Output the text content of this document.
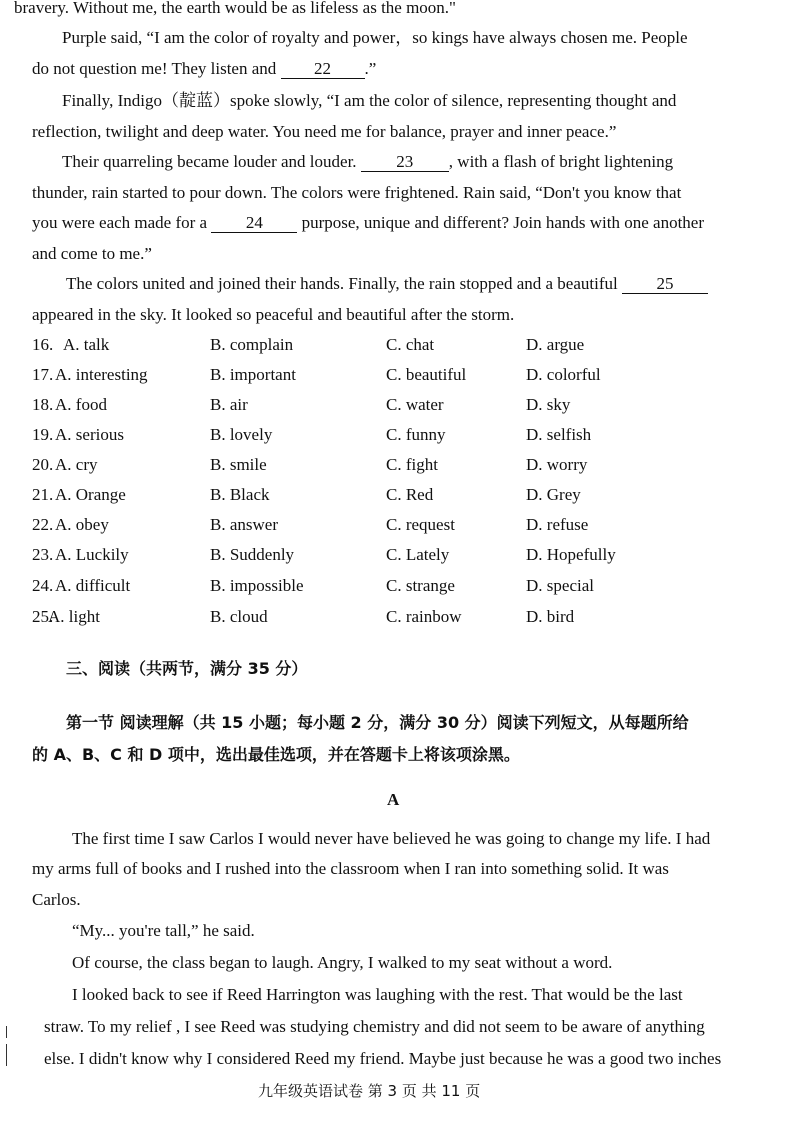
bravery. Without me, the earth would be as lifeless as the moon."
Purple said, “I am the color of royalty and power，so kings have always chosen me. People
do not question me! They listen and 22 .”
Finally, Indigo（靛蓝）spoke slowly, “I am the color of silence, representing thought and
reflection, twilight and deep water. You need me for balance, prayer and inner peace.”
Their quarreling became louder and louder. 23 , with a flash of bright lightening
thunder, rain started to pour down. The colors were frightened. Rain said, “Don't you know that
you were each made for a 24 purpose, unique and different? Join hands with one another
and come to me.”
The colors united and joined their hands. Finally, the rain stopped and a beautiful 25
appeared in the sky. It looked so peaceful and beautiful after the storm.
16. A. talk	B. complain	C. chat	D. argue
17. A. interesting	B. important	C. beautiful	D. colorful
18. A. food	B. air	C. water	D. sky
19. A. serious	B. lovely	C. funny	D. selfish
20. A. cry	B. smile	C. fight	D. worry
21. A. Orange	B. Black	C. Red	D. Grey
22. A. obey	B. answer	C. request	D. refuse
23. A. Luckily	B. Suddenly	C. Lately	D. Hopefully
24. A. difficult	B. impossible	C. strange	D. special
25.
A. light	B. cloud	C. rainbow	D. bird
三、阅读（共两节，满分 35 分）
第一节 阅读理解（共 15 小题；每小题 2 分，满分 30 分）阅读下列短文，从每题所给
的 A、B、C 和 D 项中，选出最佳选项，并在答题卡上将该项涂黑。
A
The first time I saw Carlos I would never have believed he was going to change my life. I had
my arms full of books and I rushed into the classroom when I ran into something solid. It was
Carlos.
“My... you're tall,” he said.
Of course, the class began to laugh. Angry, I walked to my seat without a word.
I looked back to see if Reed Harrington was laughing with the rest. That would be the last
straw. To my relief , I see Reed was studying chemistry and did not seem to be aware of anything
else. I didn't know why I considered Reed my friend. Maybe just because he was a good two inches
九年级英语试卷 第 3 页 共 11 页
